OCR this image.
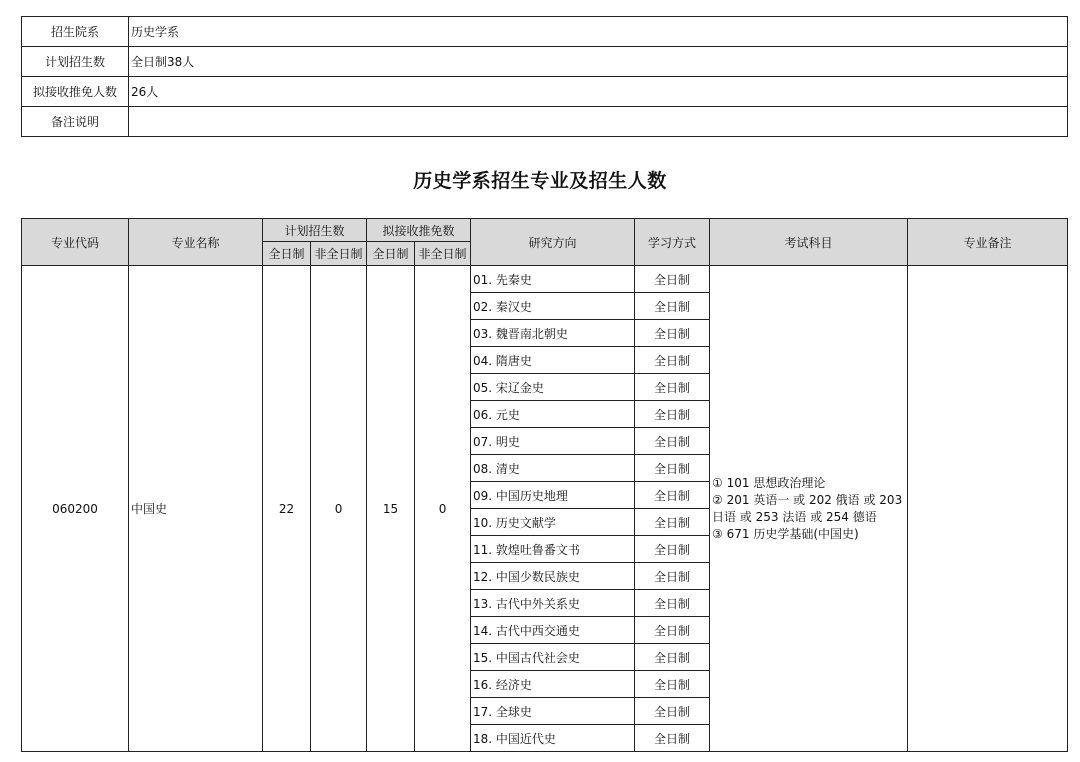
招生院系	历史学系
计划招生数	全日制38人
拟接收推免人数	26人
备注说明	
历史学系招生专业及招生人数
专业代码	专业名称	计划招生数		拟接收推免数		研究方向	学习方式	考试科目	专业备注
		全日制	非全日制	全日制	非全日制				
060200	中国史	22	0	15	0	01. 先秦史	全日制	① 101 思想政治理论
② 201 英语一 或 202 俄语 或 203 日语 或 253 法语 或 254 德语
③ 671 历史学基础(中国史)	

						02. 秦汉史	全日制		
						03. 魏晋南北朝史	全日制		
						04. 隋唐史	全日制		
						05. 宋辽金史	全日制		
						06. 元史	全日制		
						07. 明史	全日制		
						08. 清史	全日制		
						09. 中国历史地理	全日制		
						10. 历史文献学	全日制		
						11. 敦煌吐鲁番文书	全日制		
						12. 中国少数民族史	全日制		
						13. 古代中外关系史	全日制		
						14. 古代中西交通史	全日制		
						15. 中国古代社会史	全日制		
						16. 经济史	全日制		
						17. 全球史	全日制		
						18. 中国近代史	全日制		
